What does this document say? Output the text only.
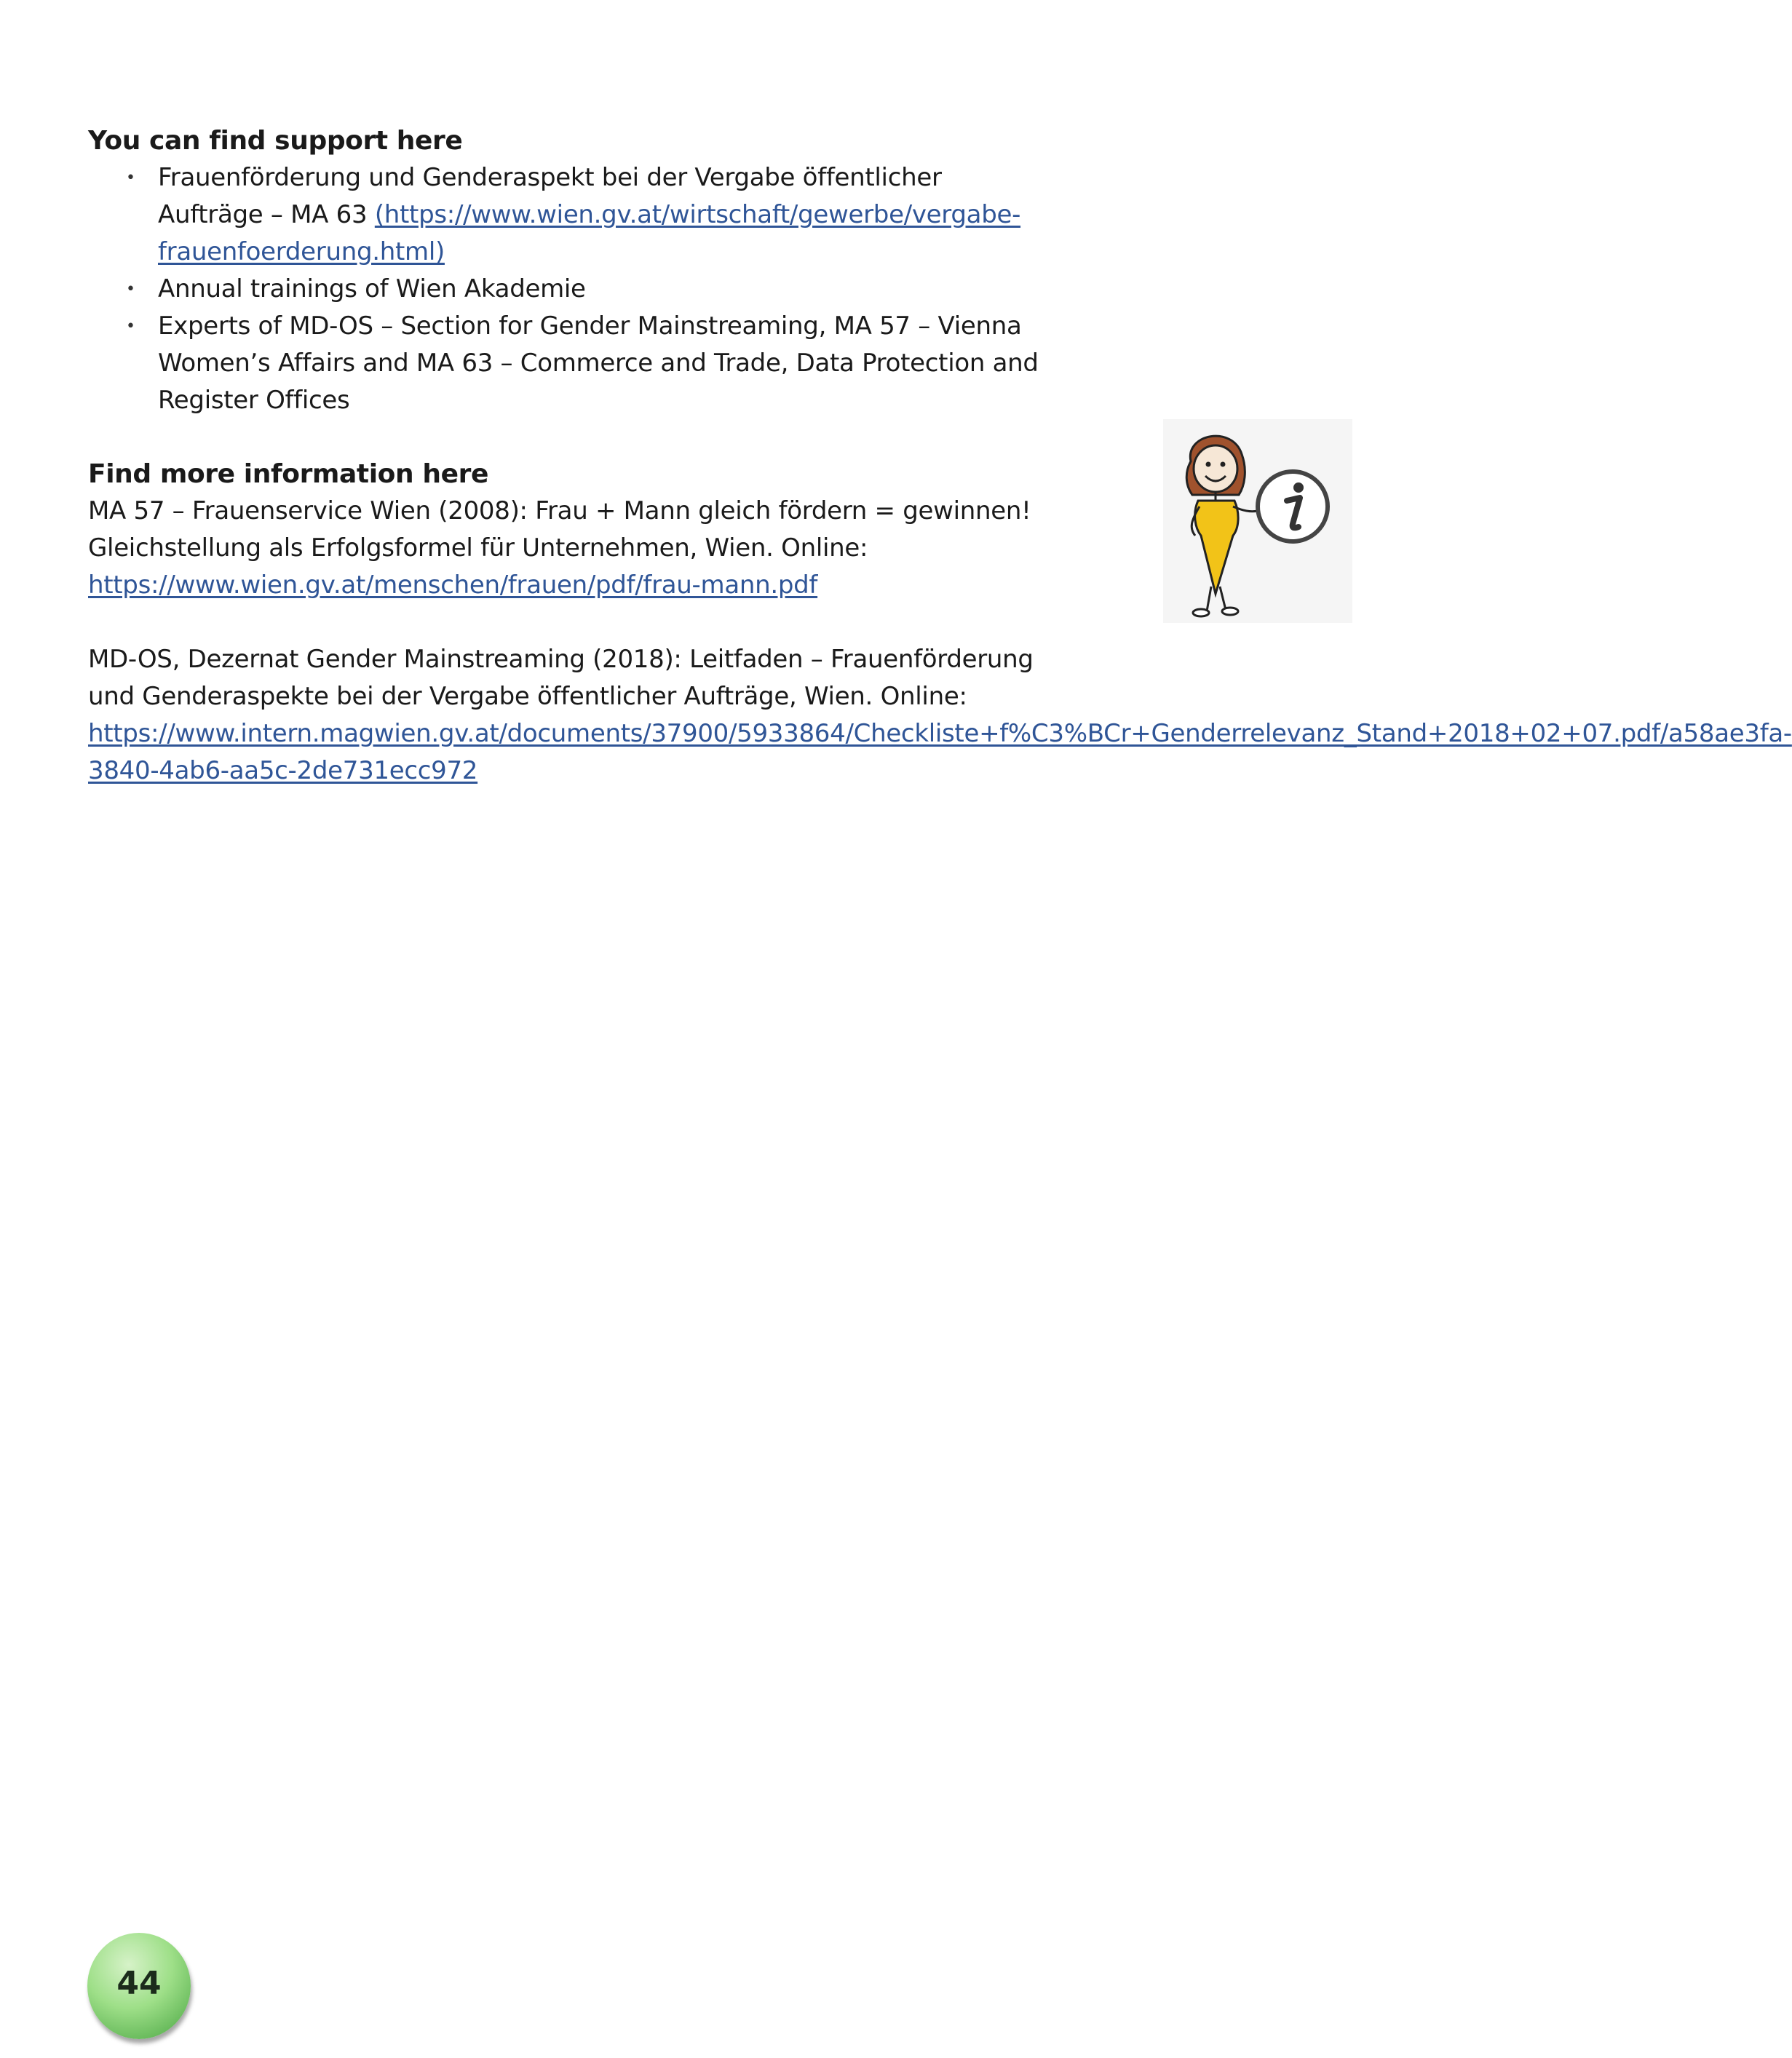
You can find support here
• Frauenförderung und Genderaspekt bei der Vergabe öffentlicher Aufträge – MA 63 (https://www.wien.gv.at/wirtschaft/gewerbe/vergabe-frauenfoerderung.html)
• Annual trainings of Wien Akademie
• Experts of MD-OS – Section for Gender Mainstreaming, MA 57 – Vienna Women’s Affairs and MA 63 – Commerce and Trade, Data Protection and Register Offices
Find more information here

MA 57 – Frauenservice Wien (2008): Frau + Mann gleich fördern = gewinnen! Gleichstellung als Erfolgsformel für Unternehmen, Wien. Online: https://www.wien.gv.at/menschen/frauen/pdf/frau-mann.pdf

MD-OS, Dezernat Gender Mainstreaming (2018): Leitfaden – Frauenförderung und Genderaspekte bei der Vergabe öffentlicher Aufträge, Wien. Online: https://www.intern.magwien.gv.at/documents/37900/5933864/Checkliste+f%C3%BCr+Genderrelevanz_Stand+2018+02+07.pdf/a58ae3fa-3840-4ab6-aa5c-2de731ecc972

44
